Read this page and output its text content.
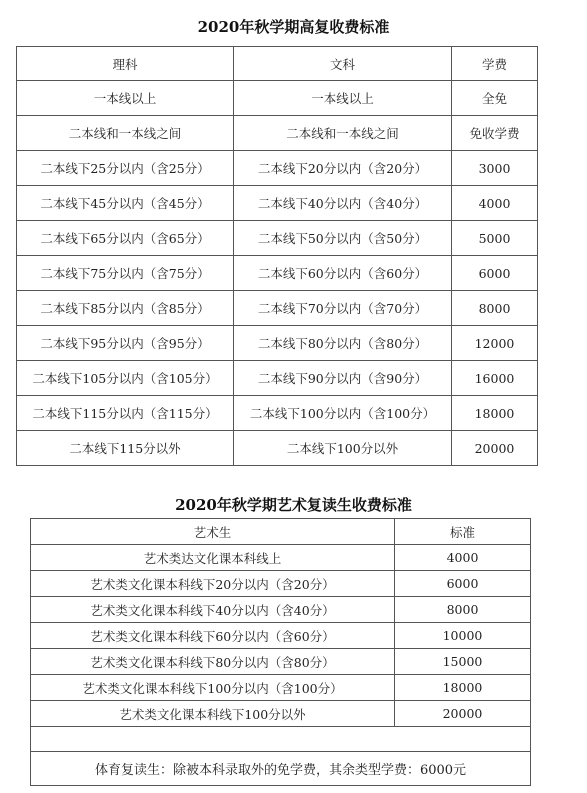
2020年秋学期高复收费标准
理科	文科	学费
一本线以上	一本线以上	全免
二本线和一本线之间	二本线和一本线之间	免收学费
二本线下25分以内（含25分）	二本线下20分以内（含20分）	3000
二本线下45分以内（含45分）	二本线下40分以内（含40分）	4000
二本线下65分以内（含65分）	二本线下50分以内（含50分）	5000
二本线下75分以内（含75分）	二本线下60分以内（含60分）	6000
二本线下85分以内（含85分）	二本线下70分以内（含70分）	8000
二本线下95分以内（含95分）	二本线下80分以内（含80分）	12000
二本线下105分以内（含105分）	二本线下90分以内（含90分）	16000
二本线下115分以内（含115分）	二本线下100分以内（含100分）	18000
二本线下115分以外	二本线下100分以外	20000
2020年秋学期艺术复读生收费标准
艺术生	标准
艺术类达文化课本科线上	4000
艺术类文化课本科线下20分以内（含20分）	6000
艺术类文化课本科线下40分以内（含40分）	8000
艺术类文化课本科线下60分以内（含60分）	10000
艺术类文化课本科线下80分以内（含80分）	15000
艺术类文化课本科线下100分以内（含100分）	18000
艺术类文化课本科线下100分以外	20000

体育复读生：除被本科录取外的免学费，其余类型学费：6000元	
